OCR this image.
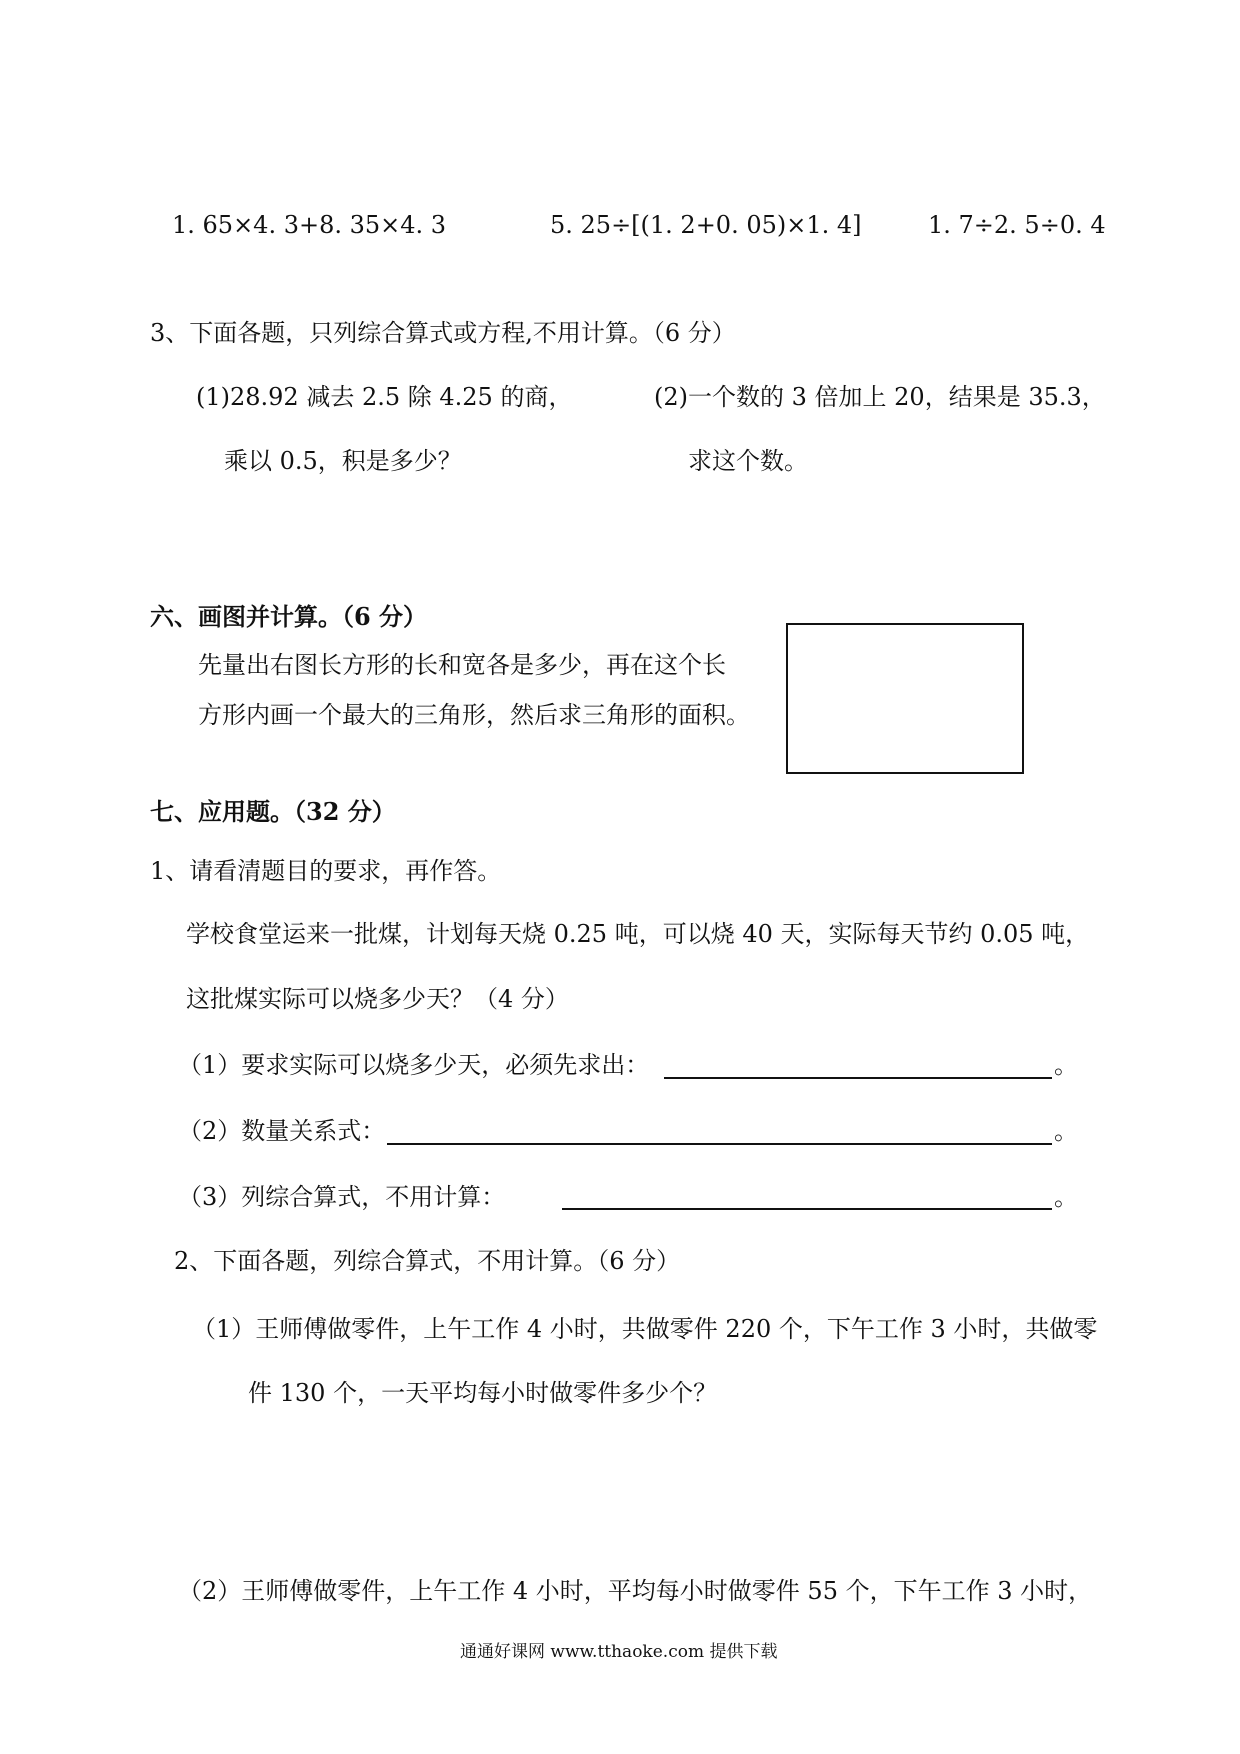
1. 65×4. 3+8. 35×4. 3	5. 25÷[(1. 2+0. 05)×1. 4]	1. 7÷2. 5÷0. 4
3、下面各题，只列综合算式或方程,不用计算。（6 分）
(1)28.92 减去 2.5 除 4.25 的商，
乘以 0.5，积是多少？
(2)一个数的 3 倍加上 20，结果是 35.3，
求这个数。
六、画图并计算。（6 分）
先量出右图长方形的长和宽各是多少，再在这个长
方形内画一个最大的三角形，然后求三角形的面积。
七、应用题。（32 分）
1、请看清题目的要求，再作答。
学校食堂运来一批煤，计划每天烧 0.25 吨，可以烧 40 天，实际每天节约 0.05 吨，
这批煤实际可以烧多少天？（4 分）
（1）要求实际可以烧多少天，必须先求出：	。
（2）数量关系式：	。
（3）列综合算式，不用计算：	。
2、下面各题，列综合算式，不用计算。（6 分）
（1）王师傅做零件，上午工作 4 小时，共做零件 220 个，下午工作 3 小时，共做零
件 130 个，一天平均每小时做零件多少个？
（2）王师傅做零件，上午工作 4 小时，平均每小时做零件 55 个，下午工作 3 小时，
通通好课网 www.tthaoke.com 提供下载
